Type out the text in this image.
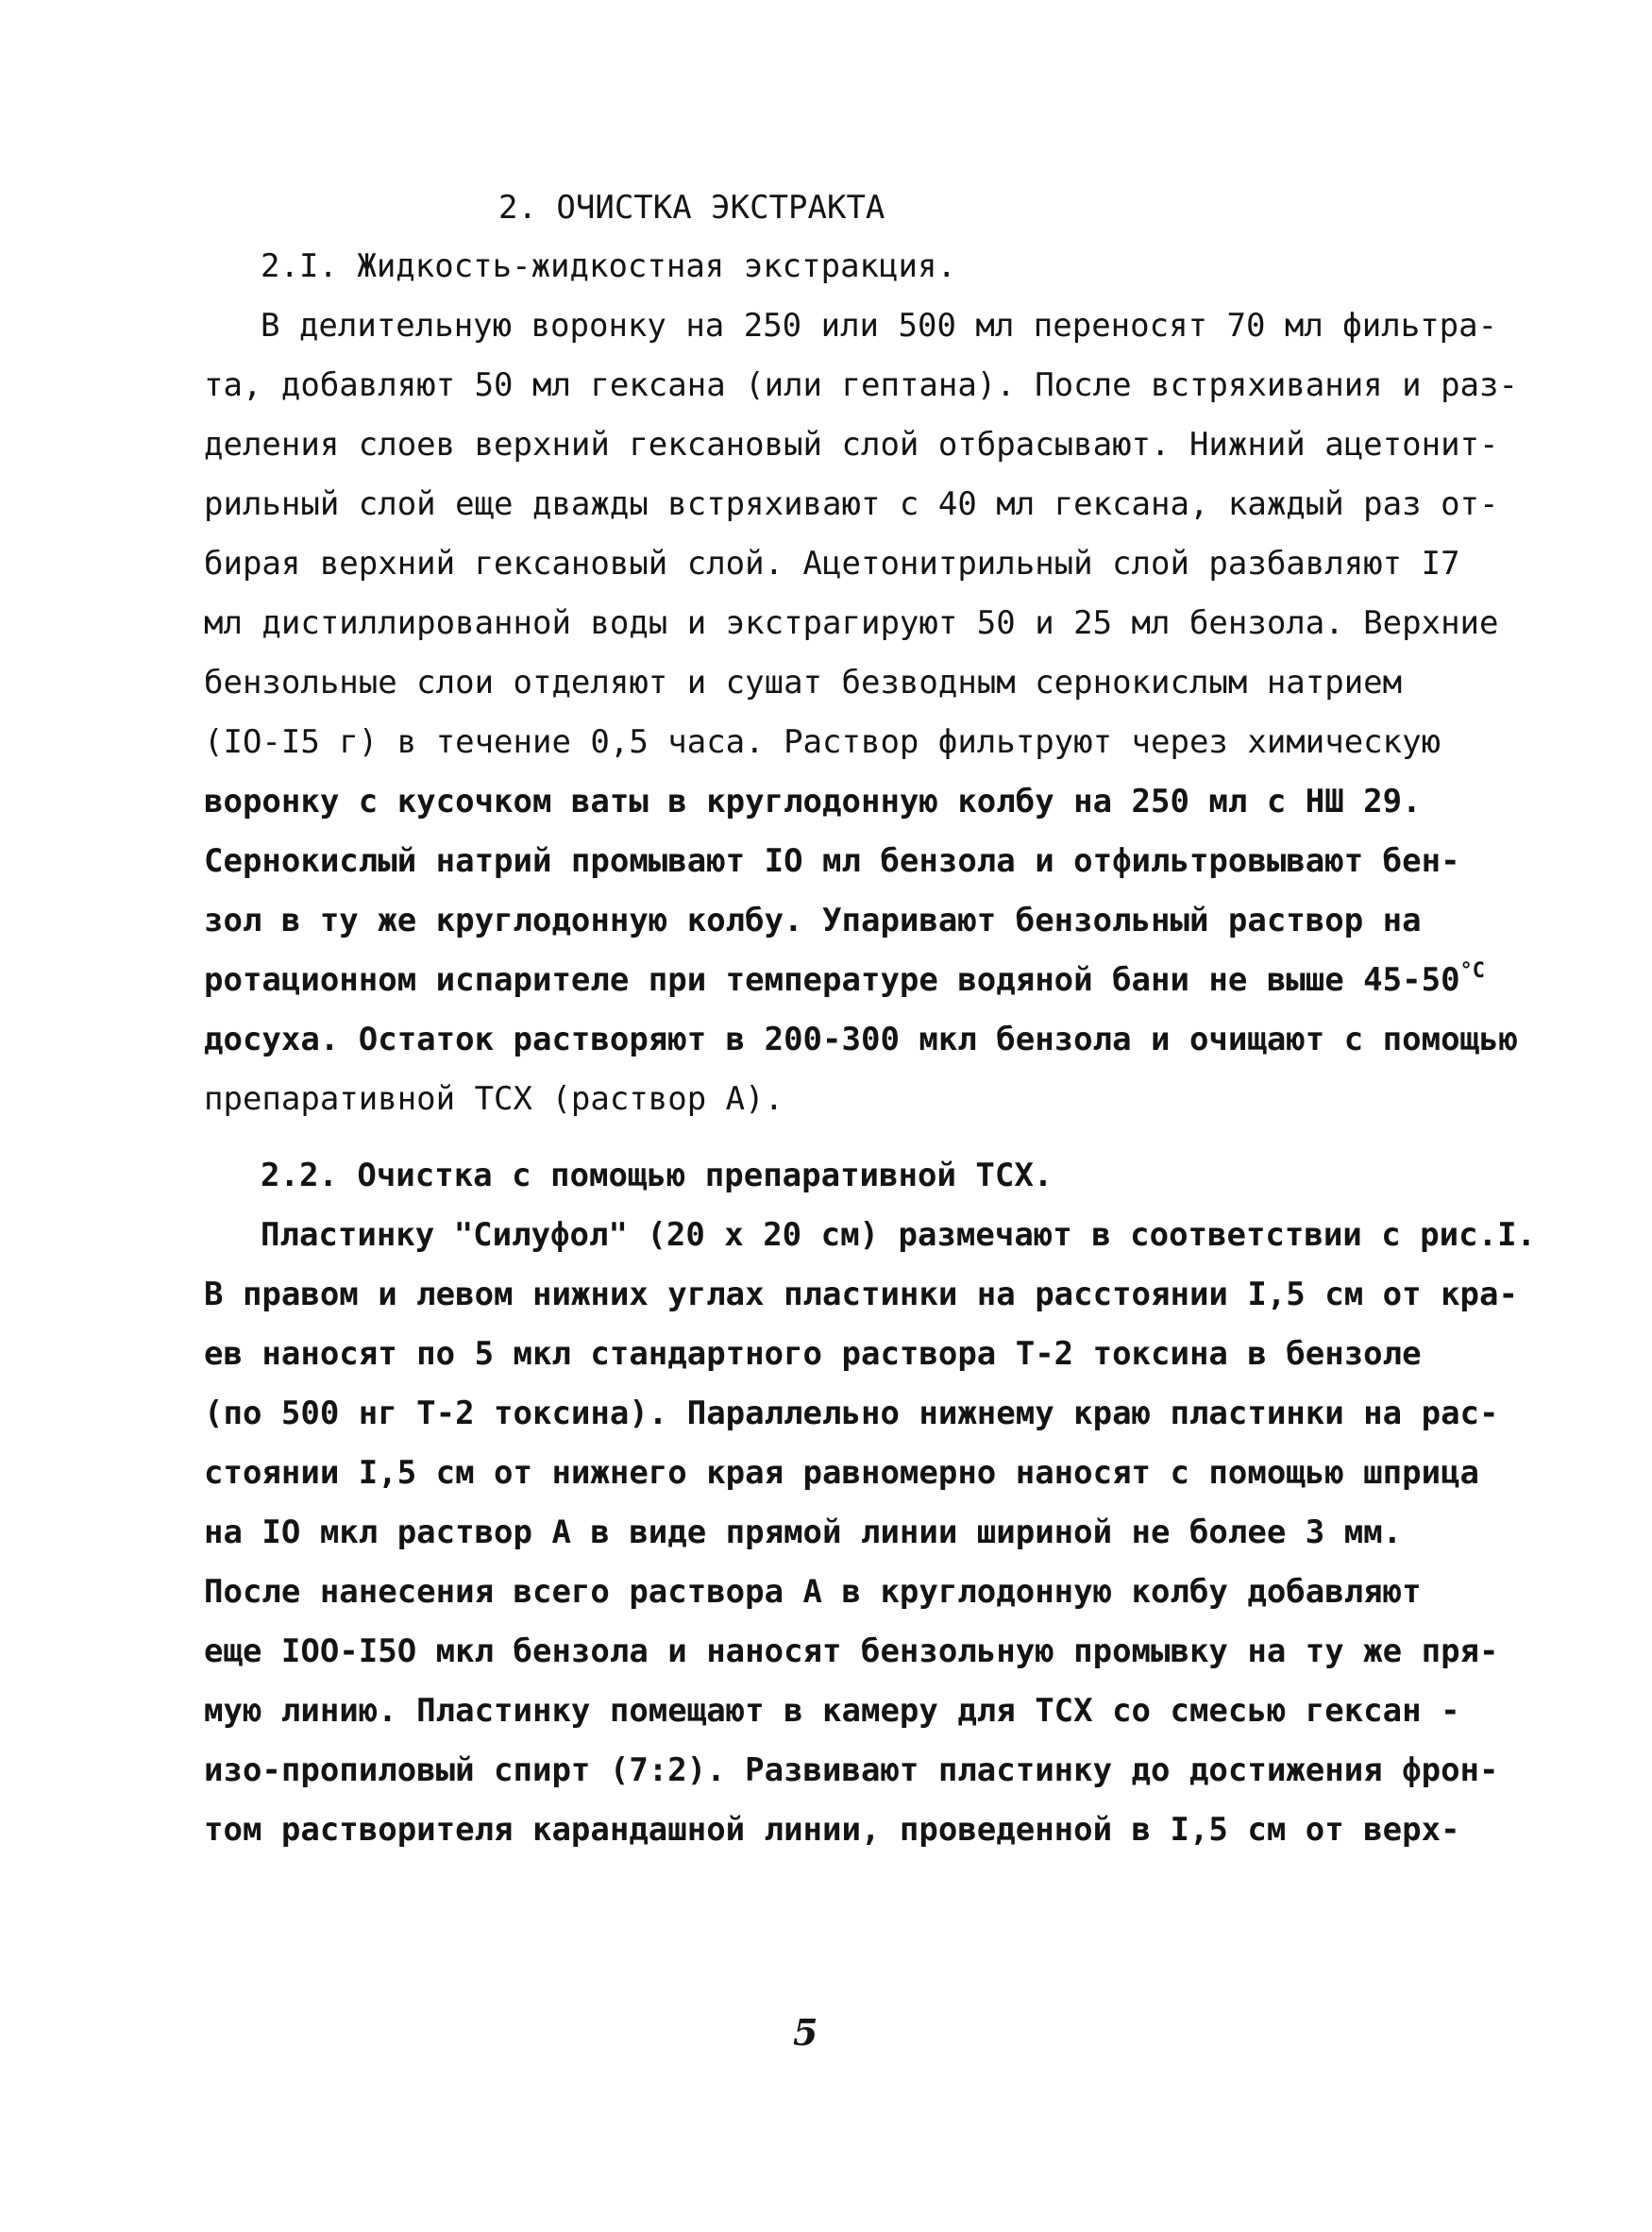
2. ОЧИСТКА ЭКСТРАКТА
2.I. Жидкость-жидкостная экстракция.
В делительную воронку на 250 или 500 мл переносят 70 мл фильтра-
та, добавляют 50 мл гексана (или гептана). После встряхивания и раз-
деления слоев верхний гексановый слой отбрасывают. Нижний ацетонит-
рильный слой еще дважды встряхивают с 40 мл гексана, каждый раз от-
бирая верхний гексановый слой. Ацетонитрильный слой разбавляют I7
мл дистиллированной воды и экстрагируют 50 и 25 мл бензола. Верхние
бензольные слои отделяют и сушат безводным сернокислым натрием
(IO-I5 г) в течение 0,5 часа. Раствор фильтруют через химическую
воронку с кусочком ваты в круглодонную колбу на 250 мл с НШ 29.
Сернокислый натрий промывают IO мл бензола и отфильтровывают бен-
зол в ту же круглодонную колбу. Упаривают бензольный раствор на
ротационном испарителе при температуре водяной бани не выше $45-50^{^\circ C}$
досуха. Остаток растворяют в 200-300 мкл бензола и очищают с помощью
препаративной ТСХ (раствор А).
2.2. Очистка с помощью препаративной ТСХ.
Пластинку "Силуфол" (20 х 20 см) размечают в соответствии с рис.I.
В правом и левом нижних углах пластинки на расстоянии I,5 см от кра-
ев наносят по 5 мкл стандартного раствора Т-2 токсина в бензоле
(по 500 нг Т-2 токсина). Параллельно нижнему краю пластинки на рас-
стоянии I,5 см от нижнего края равномерно наносят с помощью шприца
на IO мкл раствор А в виде прямой линии шириной не более 3 мм.
После нанесения всего раствора А в круглодонную колбу добавляют
еще IOO-I5O мкл бензола и наносят бензольную промывку на ту же пря-
мую линию. Пластинку помещают в камеру для ТСХ со смесью гексан -
изо-пропиловый спирт (7:2). Развивают пластинку до достижения фрон-
том растворителя карандашной линии, проведенной в I,5 см от верх-
5
